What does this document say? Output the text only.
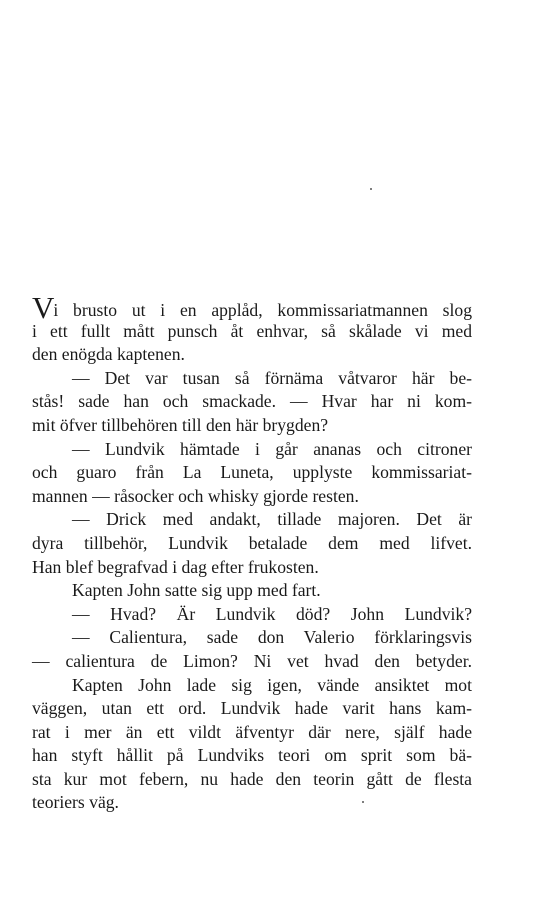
Vi brusto ut i en applåd, kommissariatmannen slog
i ett fullt mått punsch åt enhvar, så skålade vi med
den enögda kaptenen.
— Det var tusan så förnäma våtvaror här be-
stås! sade han och smackade. — Hvar har ni kom-
mit öfver tillbehören till den här brygden?
— Lundvik hämtade i går ananas och citroner
och guaro från La Luneta, upplyste kommissariat-
mannen — råsocker och whisky gjorde resten.
— Drick med andakt, tillade majoren. Det är
dyra tillbehör, Lundvik betalade dem med lifvet.
Han blef begrafvad i dag efter frukosten.
Kapten John satte sig upp med fart.
— Hvad? Är Lundvik död? John Lundvik?
— Calientura, sade don Valerio förklaringsvis
— calientura de Limon? Ni vet hvad den betyder.
Kapten John lade sig igen, vände ansiktet mot
väggen, utan ett ord. Lundvik hade varit hans kam-
rat i mer än ett vildt äfventyr där nere, själf hade
han styft hållit på Lundviks teori om sprit som bä-
sta kur mot febern, nu hade den teorin gått de flesta
teoriers väg.
